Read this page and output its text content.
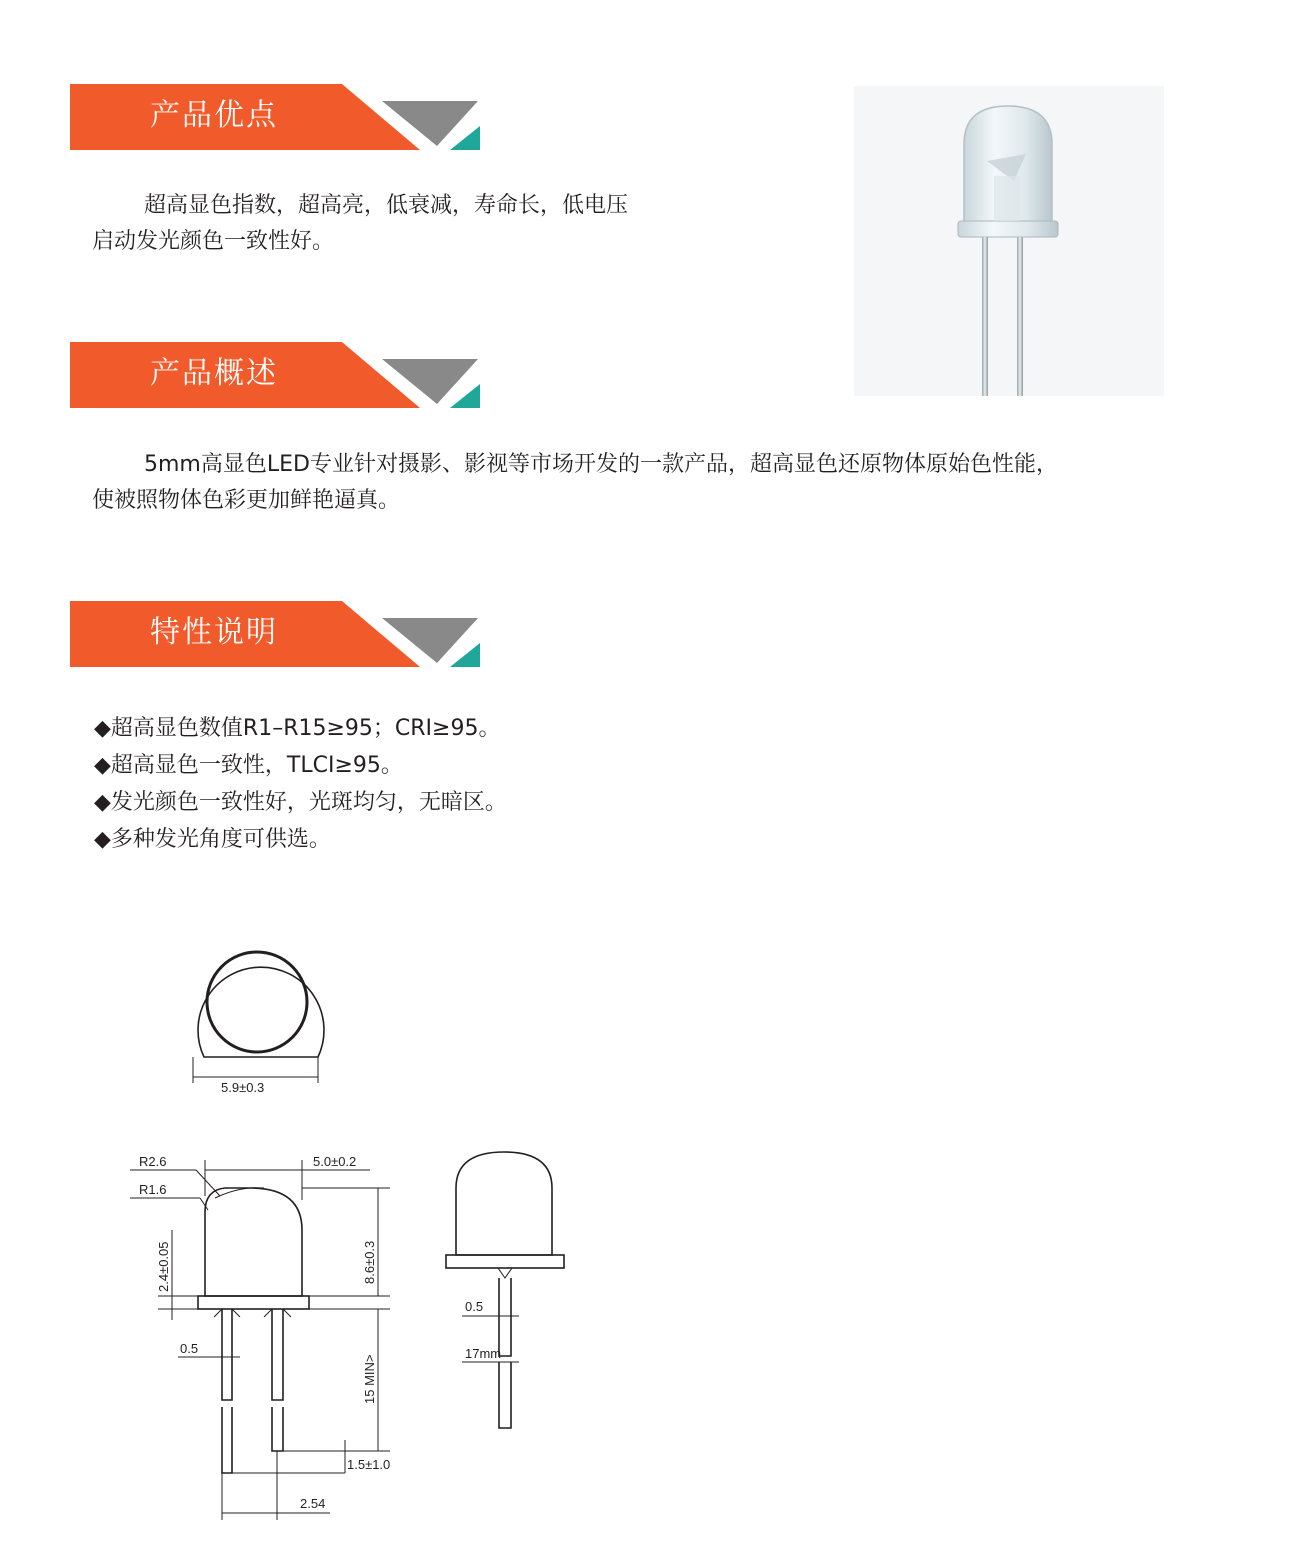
产品优点
超高显色指数，超高亮，低衰减，寿命长，低电压
启动发光颜色一致性好。
产品概述
5mm高显色LED专业针对摄影、影视等市场开发的一款产品，超高显色还原物体原始色性能，
使被照物体色彩更加鲜艳逼真。
特性说明
◆超高显色数值R1–R15≥95；CRI≥95。
◆超高显色一致性，TLCI≥95。
◆发光颜色一致性好，光斑均匀，无暗区。
◆多种发光角度可供选。
5.9±0.3
R2.6
R1.6
5.0±0.2
8.6±0.3
2.4±0.05
0.5
15 MIN>
1.5±1.0
2.54
0.5
17mm
